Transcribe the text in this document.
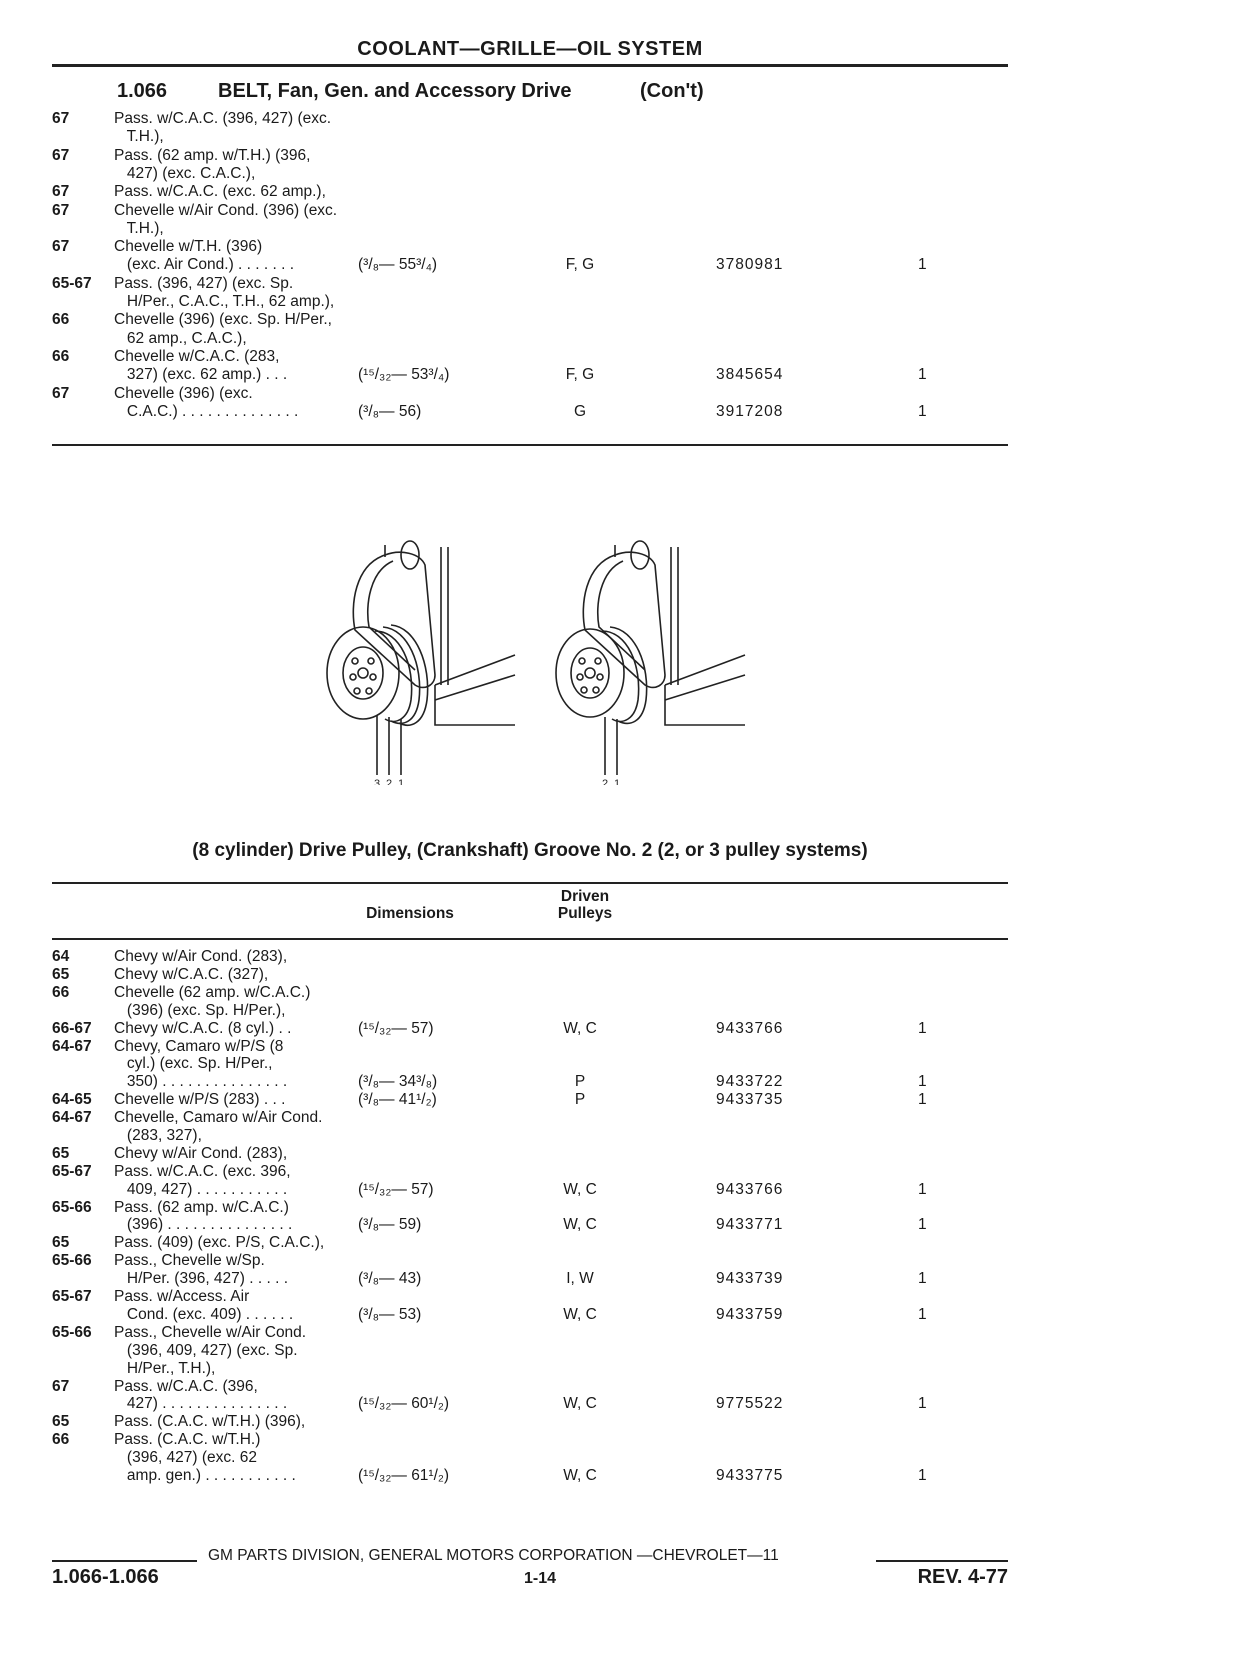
COOLANT—GRILLE—OIL SYSTEM
1.066	BELT, Fan, Gen. and Accessory Drive	(Con't)
67	Pass. w/C.A.C. (396, 427) (exc.
T.H.),
67	Pass. (62 amp. w/T.H.) (396,
427) (exc. C.A.C.),
67	Pass. w/C.A.C. (exc. 62 amp.),
67	Chevelle w/Air Cond. (396) (exc.
T.H.),
67	Chevelle w/T.H. (396)
(exc. Air Cond.) . . . . . . .	(³/₈— 55³/₄)	F, G	3780981	1
65-67 Pass. (396, 427) (exc. Sp.
H/Per., C.A.C., T.H., 62 amp.),
66	Chevelle (396) (exc. Sp. H/Per.,
62 amp., C.A.C.),
66	Chevelle w/C.A.C. (283,
327) (exc. 62 amp.) . . .	(¹⁵/₃₂— 53³/₄)	F, G	3845654	1
67	Chevelle (396) (exc.
C.A.C.) . . . . . . . . . . . . . .	(³/₈— 56)	G	3917208	1
3 2 1	2 1
(8 cylinder) Drive Pulley, (Crankshaft) Groove No. 2 (2, or 3 pulley systems)
Dimensions
Driven
Pulleys
64	Chevy w/Air Cond. (283),
65	Chevy w/C.A.C. (327),
66	Chevelle (62 amp. w/C.A.C.)
(396) (exc. Sp. H/Per.),
66-67 Chevy w/C.A.C. (8 cyl.) . .	(¹⁵/₃₂— 57)	W, C	9433766	1
64-67 Chevy, Camaro w/P/S (8
cyl.) (exc. Sp. H/Per.,
350) . . . . . . . . . . . . . . .	(³/₈— 34³/₈)	P	9433722	1
64-65 Chevelle w/P/S (283) . . .	(³/₈— 41¹/₂)	P	9433735	1
64-67 Chevelle, Camaro w/Air Cond.
(283, 327),
65	Chevy w/Air Cond. (283),
65-67 Pass. w/C.A.C. (exc. 396,
409, 427) . . . . . . . . . . .	(¹⁵/₃₂— 57)	W, C	9433766	1
65-66 Pass. (62 amp. w/C.A.C.)
(396) . . . . . . . . . . . . . . .	(³/₈— 59)	W, C	9433771	1
65	Pass. (409) (exc. P/S, C.A.C.),
65-66 Pass., Chevelle w/Sp.
H/Per. (396, 427) . . . . .	(³/₈— 43)	I, W	9433739	1
65-67 Pass. w/Access. Air
Cond. (exc. 409) . . . . . .	(³/₈— 53)	W, C	9433759	1
65-66 Pass., Chevelle w/Air Cond.
(396, 409, 427) (exc. Sp.
H/Per., T.H.),
67	Pass. w/C.A.C. (396,
427) . . . . . . . . . . . . . . .	(¹⁵/₃₂— 60¹/₂)	W, C	9775522	1
65	Pass. (C.A.C. w/T.H.) (396),
66	Pass. (C.A.C. w/T.H.)
(396, 427) (exc. 62
amp. gen.) . . . . . . . . . . .	(¹⁵/₃₂— 61¹/₂)	W, C	9433775	1
GM PARTS DIVISION, GENERAL MOTORS CORPORATION —CHEVROLET—11
1.066-1.066	1-14	REV. 4-77
